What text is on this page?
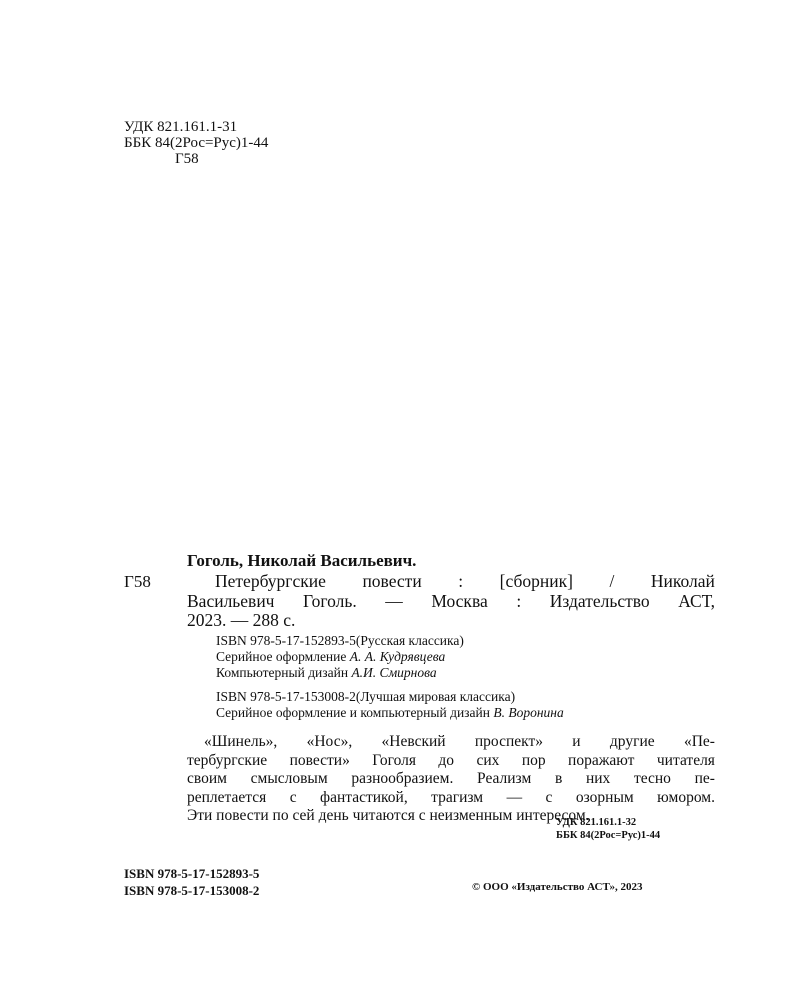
УДК 821.161.1-31
ББК 84(2Рос=Рус)1-44
Г58
Гоголь, Николай Васильевич.
Г58	Петербургские повести : [сборник] / Николай
Васильевич Гоголь. — Москва : Издательство АСТ,
2023. — 288 с.
ISBN 978-5-17-152893-5(Русская классика)
Серийное оформление А. А. Кудрявцева
Компьютерный дизайн А.И. Смирнова
ISBN 978-5-17-153008-2(Лучшая мировая классика)
Серийное оформление и компьютерный дизайн В. Воронина
«Шинель», «Нос», «Невский проспект» и другие «Пе-
тербургские повести» Гоголя до сих пор поражают читателя
своим смысловым разнообразием. Реализм в них тесно пе-
реплетается с фантастикой, трагизм — с озорным юмором.
Эти повести по сей день читаются с неизменным интересом.
УДК 821.161.1-32
ББК 84(2Рос=Рус)1-44
ISBN 978-5-17-152893-5
ISBN 978-5-17-153008-2	© ООО «Издательство АСТ», 2023
